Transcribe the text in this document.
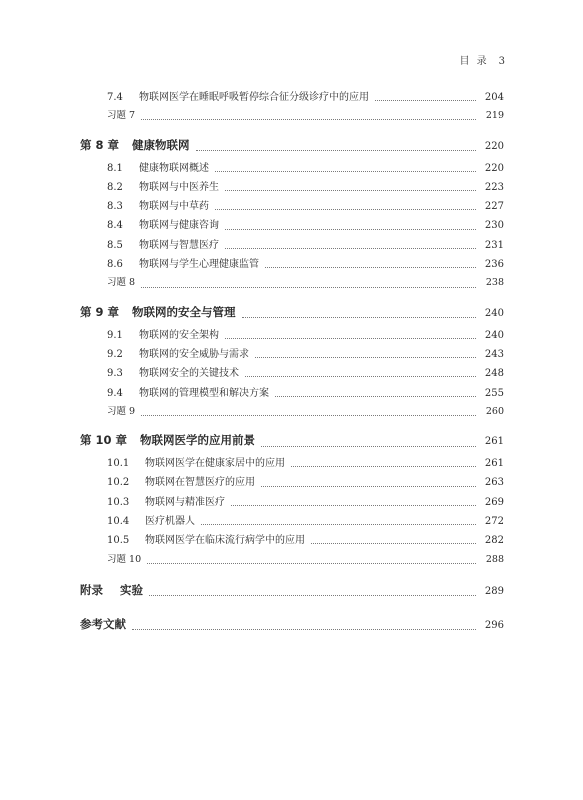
目 录 3
7.4	物联网医学在睡眠呼吸暂停综合征分级诊疗中的应用	204
习题 7	219
第 8 章	健康物联网	220
8.1	健康物联网概述	220
8.2	物联网与中医养生	223
8.3	物联网与中草药	227
8.4	物联网与健康咨询	230
8.5	物联网与智慧医疗	231
8.6	物联网与学生心理健康监管	236
习题 8	238
第 9 章	物联网的安全与管理	240
9.1	物联网的安全架构	240
9.2	物联网的安全威胁与需求	243
9.3	物联网安全的关键技术	248
9.4	物联网的管理模型和解决方案	255
习题 9	260
第 10 章	物联网医学的应用前景	261
10.1	物联网医学在健康家居中的应用	261
10.2	物联网在智慧医疗的应用	263
10.3	物联网与精准医疗	269
10.4	医疗机器人	272
10.5	物联网医学在临床流行病学中的应用	282
习题 10	288
附录	实验	289
参考文献	296
